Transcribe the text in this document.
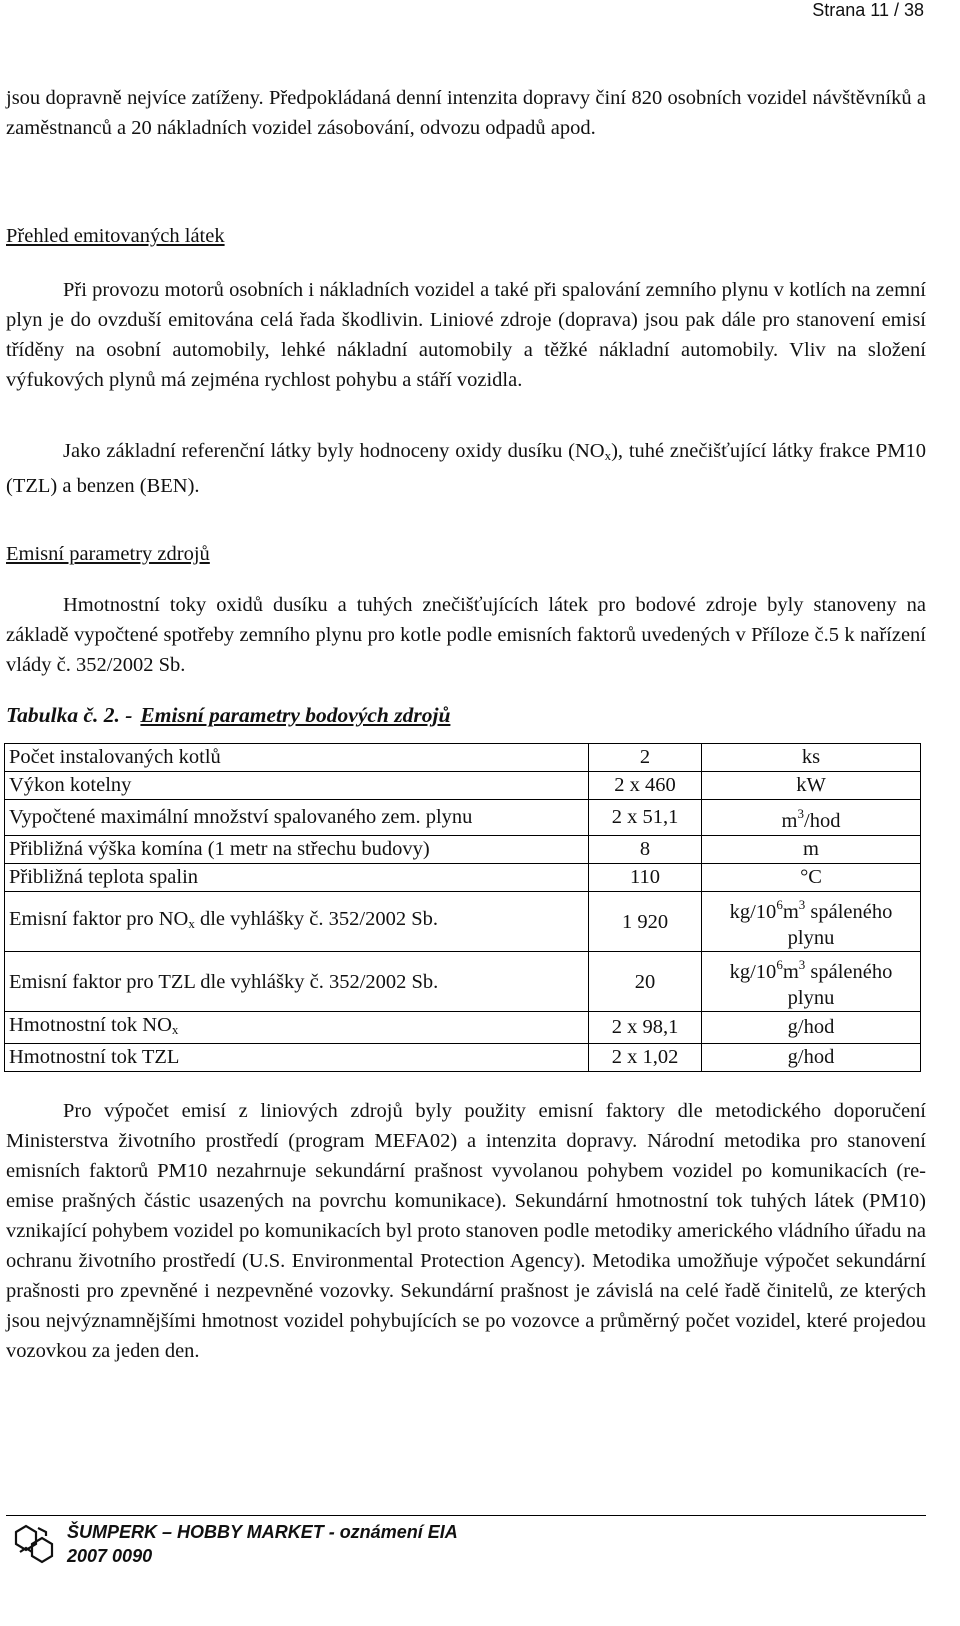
Strana 11 / 38

jsou dopravně nejvíce zatíženy. Předpokládaná denní intenzita dopravy činí 820 osobních vozidel návštěvníků a zaměstnanců a 20 nákladních vozidel zásobování, odvozu odpadů apod.

Přehled emitovaných látek

Při provozu motorů osobních i nákladních vozidel a také při spalování zemního plynu v kotlích na zemní plyn je do ovzduší emitována celá řada škodlivin. Liniové zdroje (doprava) jsou pak dále pro stanovení emisí tříděny na osobní automobily, lehké nákladní automobily a těžké nákladní automobily. Vliv na složení výfukových plynů má zejména rychlost pohybu a stáří vozidla.

Jako základní referenční látky byly hodnoceny oxidy dusíku $(NO_x)$, tuhé znečišťující látky frakce PM10 (TZL) a benzen (BEN).

Emisní parametry zdrojů

Hmotnostní toky oxidů dusíku a tuhých znečišťujících látek pro bodové zdroje byly stanoveny na základě vypočtené spotřeby zemního plynu pro kotle podle emisních faktorů uvedených v Příloze č.5 k nařízení vlády č. 352/2002 Sb.

Tabulka č. 2. - Emisní parametry bodových zdrojů
Počet instalovaných kotlů	2	ks
Výkon kotelny	2 x 460	kW
Vypočtené maximální množství spalovaného zem. plynu	2 x 51,1	$m^3$/hod
Přibližná výška komína (1 metr na střechu budovy)	8	m
Přibližná teplota spalin	110	°C
Emisní faktor pro $NO_x$ dle vyhlášky č. 352/2002 Sb.	1 920	$kg/10^6m^3$ spáleného plynu
Emisní faktor pro TZL dle vyhlášky č. 352/2002 Sb.	20	$kg/10^6m^3$ spáleného plynu
Hmotnostní tok $NO_x$	2 x 98,1	g/hod
Hmotnostní tok TZL	2 x 1,02	g/hod

Pro výpočet emisí z liniových zdrojů byly použity emisní faktory dle metodického doporučení Ministerstva životního prostředí (program MEFA02) a intenzita dopravy. Národní metodika pro stanovení emisních faktorů PM10 nezahrnuje sekundární prašnost vyvolanou pohybem vozidel po komunikacích (re-emise prašných částic usazených na povrchu komunikace). Sekundární hmotnostní tok tuhých látek (PM10) vznikající pohybem vozidel po komunikacích byl proto stanoven podle metodiky amerického vládního úřadu na ochranu životního prostředí (U.S. Environmental Protection Agency). Metodika umožňuje výpočet sekundární prašnosti pro zpevněné i nezpevněné vozovky. Sekundární prašnost je závislá na celé řadě činitelů, ze kterých jsou nejvýznamnějšími hmotnost vozidel pohybujících se po vozovce a průměrný počet vozidel, které projedou vozovkou za jeden den.

ŠUMPERK – HOBBY MARKET - oznámení EIA
2007 0090
